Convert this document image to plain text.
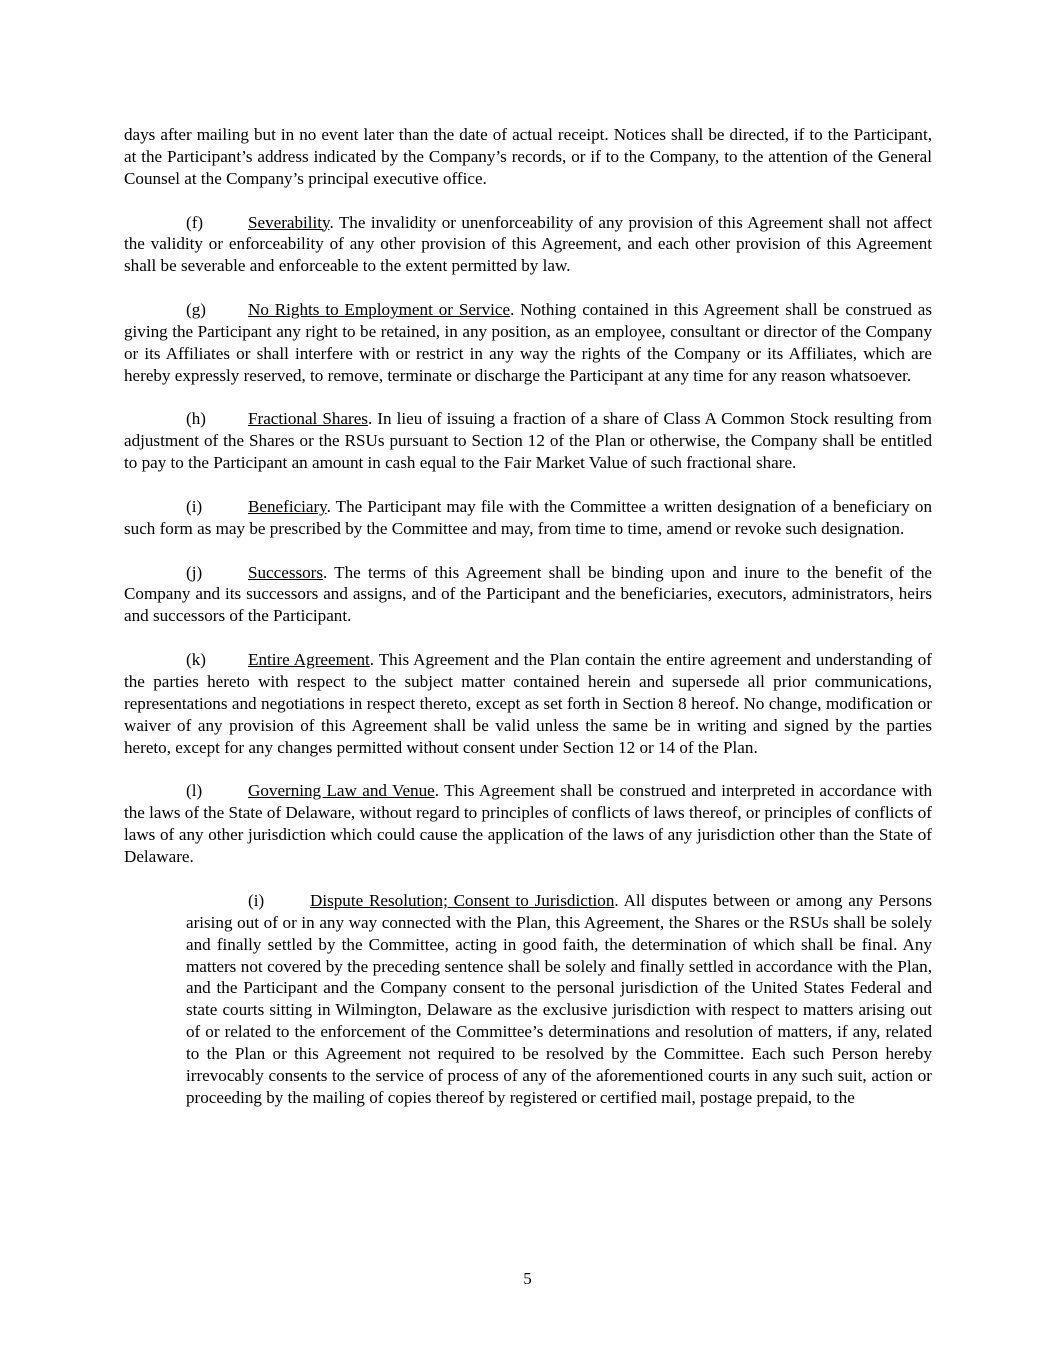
days after mailing but in no event later than the date of actual receipt. Notices shall be directed, if to the Participant, at the Participant’s address indicated by the Company’s records, or if to the Company, to the attention of the General Counsel at the Company’s principal executive office.

(f)	Severability. The invalidity or unenforceability of any provision of this Agreement shall not affect the validity or enforceability of any other provision of this Agreement, and each other provision of this Agreement shall be severable and enforceable to the extent permitted by law.

(g) No Rights to Employment or Service. Nothing contained in this Agreement shall be construed as giving the Participant any right to be retained, in any position, as an employee, consultant or director of the Company or its Affiliates or shall interfere with or restrict in any way the rights of the Company or its Affiliates, which are hereby expressly reserved, to remove, terminate or discharge the Participant at any time for any reason whatsoever.

(h) Fractional Shares. In lieu of issuing a fraction of a share of Class A Common Stock resulting from adjustment of the Shares or the RSUs pursuant to Section 12 of the Plan or otherwise, the Company shall be entitled to pay to the Participant an amount in cash equal to the Fair Market Value of such fractional share.

(i)	Beneficiary. The Participant may file with the Committee a written designation of a beneficiary on such form as may be prescribed by the Committee and may, from time to time, amend or revoke such designation.

(j)	Successors. The terms of this Agreement shall be binding upon and inure to the benefit of the Company and its successors and assigns, and of the Participant and the beneficiaries, executors, administrators, heirs and successors of the Participant.

(k) Entire Agreement. This Agreement and the Plan contain the entire agreement and understanding of the parties hereto with respect to the subject matter contained herein and supersede all prior communications, representations and negotiations in respect thereto, except as set forth in Section 8 hereof. No change, modification or waiver of any provision of this Agreement shall be valid unless the same be in writing and signed by the parties hereto, except for any changes permitted without consent under Section 12 or 14 of the Plan.

(l)	Governing Law and Venue. This Agreement shall be construed and interpreted in accordance with the laws of the State of Delaware, without regard to principles of conflicts of laws thereof, or principles of conflicts of laws of any other jurisdiction which could cause the application of the laws of any jurisdiction other than the State of Delaware.

(i)	Dispute Resolution; Consent to Jurisdiction. All disputes between or among any Persons arising out of or in any way connected with the Plan, this Agreement, the Shares or the RSUs shall be solely and finally settled by the Committee, acting in good faith, the determination of which shall be final. Any matters not covered by the preceding sentence shall be solely and finally settled in accordance with the Plan, and the Participant and the Company consent to the personal jurisdiction of the United States Federal and state courts sitting in Wilmington, Delaware as the exclusive jurisdiction with respect to matters arising out of or related to the enforcement of the Committee’s determinations and resolution of matters, if any, related to the Plan or this Agreement not required to be resolved by the Committee. Each such Person hereby irrevocably consents to the service of process of any of the aforementioned courts in any such suit, action or proceeding by the mailing of copies thereof by registered or certified mail, postage prepaid, to the

5
